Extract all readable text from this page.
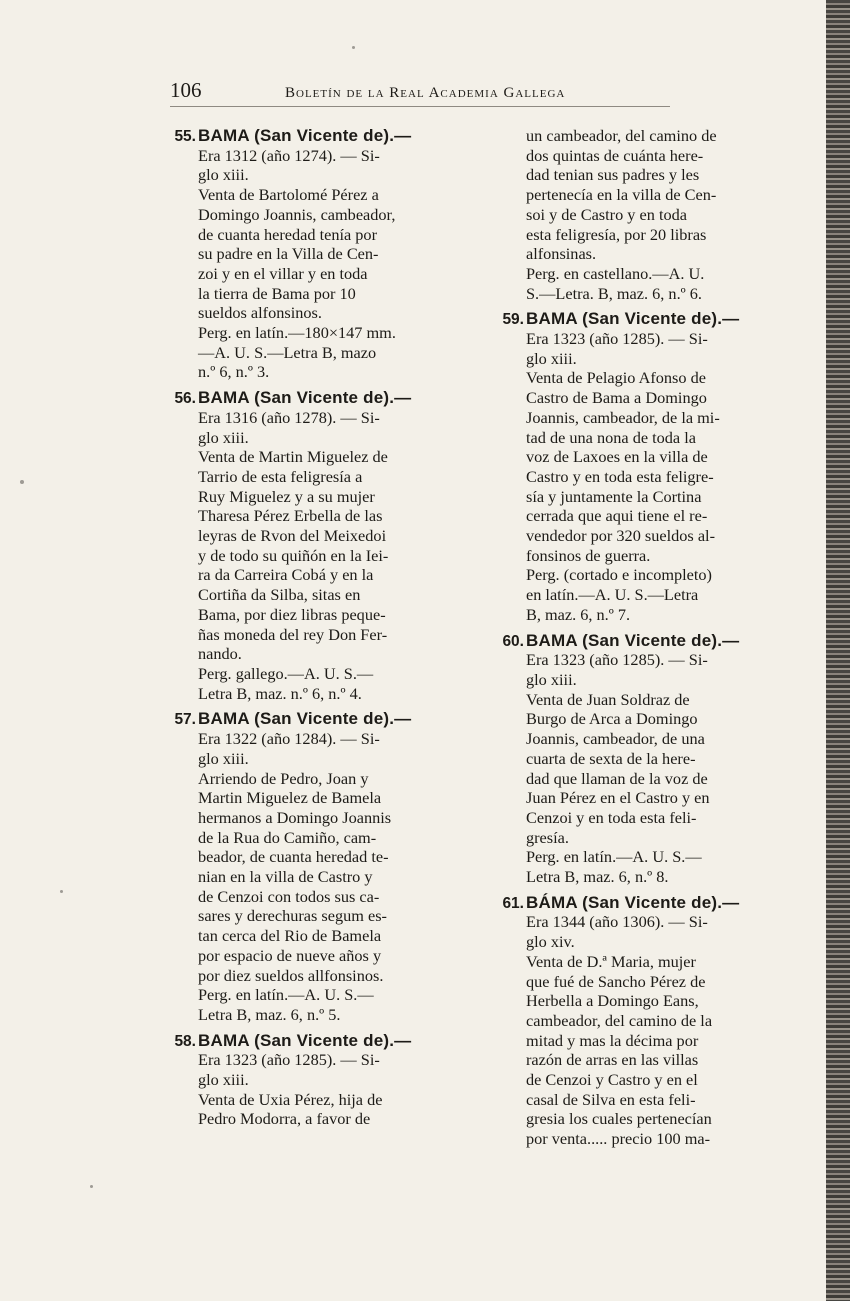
106	Boletín de la Real Academia Gallega
55. BAMA (San Vicente de).—
Era 1312 (año 1274). — Si-
glo xiii.
Venta de Bartolomé Pérez a
Domingo Joannis, cambeador,
de cuanta heredad tenía por
su padre en la Villa de Cen-
zoi y en el villar y en toda
la tierra de Bama por 10
sueldos alfonsinos.
Perg. en latín.—180×147 mm.
—A. U. S.—Letra B, mazo
n.º 6, n.º 3.
56. BAMA (San Vicente de).—
Era 1316 (año 1278). — Si-
glo xiii.
Venta de Martin Miguelez de
Tarrio de esta feligresía a
Ruy Miguelez y a su mujer
Tharesa Pérez Erbella de las
leyras de Rvon del Meixedoi
y de todo su quiñón en la Iei-
ra da Carreira Cobá y en la
Cortiña da Silba, sitas en
Bama, por diez libras peque-
ñas moneda del rey Don Fer-
nando.
Perg. gallego.—A. U. S.—
Letra B, maz. n.º 6, n.º 4.
57. BAMA (San Vicente de).—
Era 1322 (año 1284). — Si-
glo xiii.
Arriendo de Pedro, Joan y
Martin Miguelez de Bamela
hermanos a Domingo Joannis
de la Rua do Camiño, cam-
beador, de cuanta heredad te-
nian en la villa de Castro y
de Cenzoi con todos sus ca-
sares y derechuras segum es-
tan cerca del Rio de Bamela
por espacio de nueve años y
por diez sueldos allfonsinos.
Perg. en latín.—A. U. S.—
Letra B, maz. 6, n.º 5.
58. BAMA (San Vicente de).—
Era 1323 (año 1285). — Si-
glo xiii.
Venta de Uxia Pérez, hija de
Pedro Modorra, a favor de
un cambeador, del camino de
dos quintas de cuánta here-
dad tenian sus padres y les
pertenecía en la villa de Cen-
soi y de Castro y en toda
esta feligresía, por 20 libras
alfonsinas.
Perg. en castellano.—A. U.
S.—Letra. B, maz. 6, n.º 6.
59. BAMA (San Vicente de).—
Era 1323 (año 1285). — Si-
glo xiii.
Venta de Pelagio Afonso de
Castro de Bama a Domingo
Joannis, cambeador, de la mi-
tad de una nona de toda la
voz de Laxoes en la villa de
Castro y en toda esta feligre-
sía y juntamente la Cortina
cerrada que aqui tiene el re-
vendedor por 320 sueldos al-
fonsinos de guerra.
Perg. (cortado e incompleto)
en latín.—A. U. S.—Letra
B, maz. 6, n.º 7.
60. BAMA (San Vicente de).—
Era 1323 (año 1285). — Si-
glo xiii.
Venta de Juan Soldraz de
Burgo de Arca a Domingo
Joannis, cambeador, de una
cuarta de sexta de la here-
dad que llaman de la voz de
Juan Pérez en el Castro y en
Cenzoi y en toda esta feli-
gresía.
Perg. en latín.—A. U. S.—
Letra B, maz. 6, n.º 8.
61. BÁMA (San Vicente de).—
Era 1344 (año 1306). — Si-
glo xiv.
Venta de D.ª Maria, mujer
que fué de Sancho Pérez de
Herbella a Domingo Eans,
cambeador, del camino de la
mitad y mas la décima por
razón de arras en las villas
de Cenzoi y Castro y en el
casal de Silva en esta feli-
gresia los cuales pertenecían
por venta..... precio 100 ma-
